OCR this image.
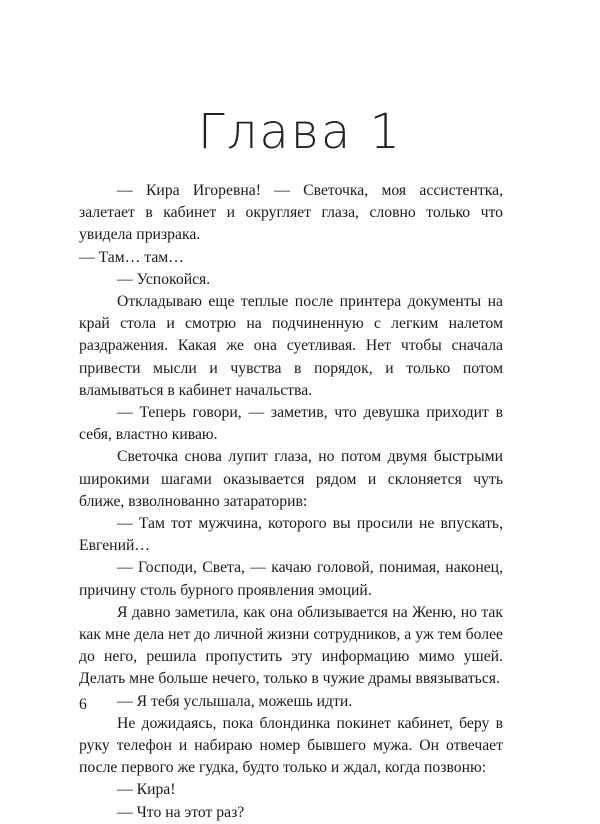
Глава 1

— Кира Игоревна! — Светочка, моя ассистентка, залетает в кабинет и округляет глаза, словно только что увидела призрака.

— Там… там…

— Успокойся.

Откладываю еще теплые после принтера документы на край стола и смотрю на подчиненную с легким налетом раздражения. Какая же она суетливая. Нет чтобы сначала привести мысли и чувства в порядок, и только потом вламываться в кабинет начальства.

— Теперь говори, — заметив, что девушка приходит в себя, властно киваю.

Светочка снова лупит глаза, но потом двумя быстрыми широкими шагами оказывается рядом и склоняется чуть ближе, взволнованно затараторив:

— Там тот мужчина, которого вы просили не впускать, Евгений…

— Господи, Света, — качаю головой, понимая, наконец, причину столь бурного проявления эмоций.

Я давно заметила, как она облизывается на Женю, но так как мне дела нет до личной жизни сотрудников, а уж тем более до него, решила пропустить эту информацию мимо ушей. Делать мне больше нечего, только в чужие драмы ввязываться.

— Я тебя услышала, можешь идти.

Не дожидаясь, пока блондинка покинет кабинет, беру в руку телефон и набираю номер бывшего мужа. Он отвечает после первого же гудка, будто только и ждал, когда позвоню:

— Кира!

— Что на этот раз?

6
